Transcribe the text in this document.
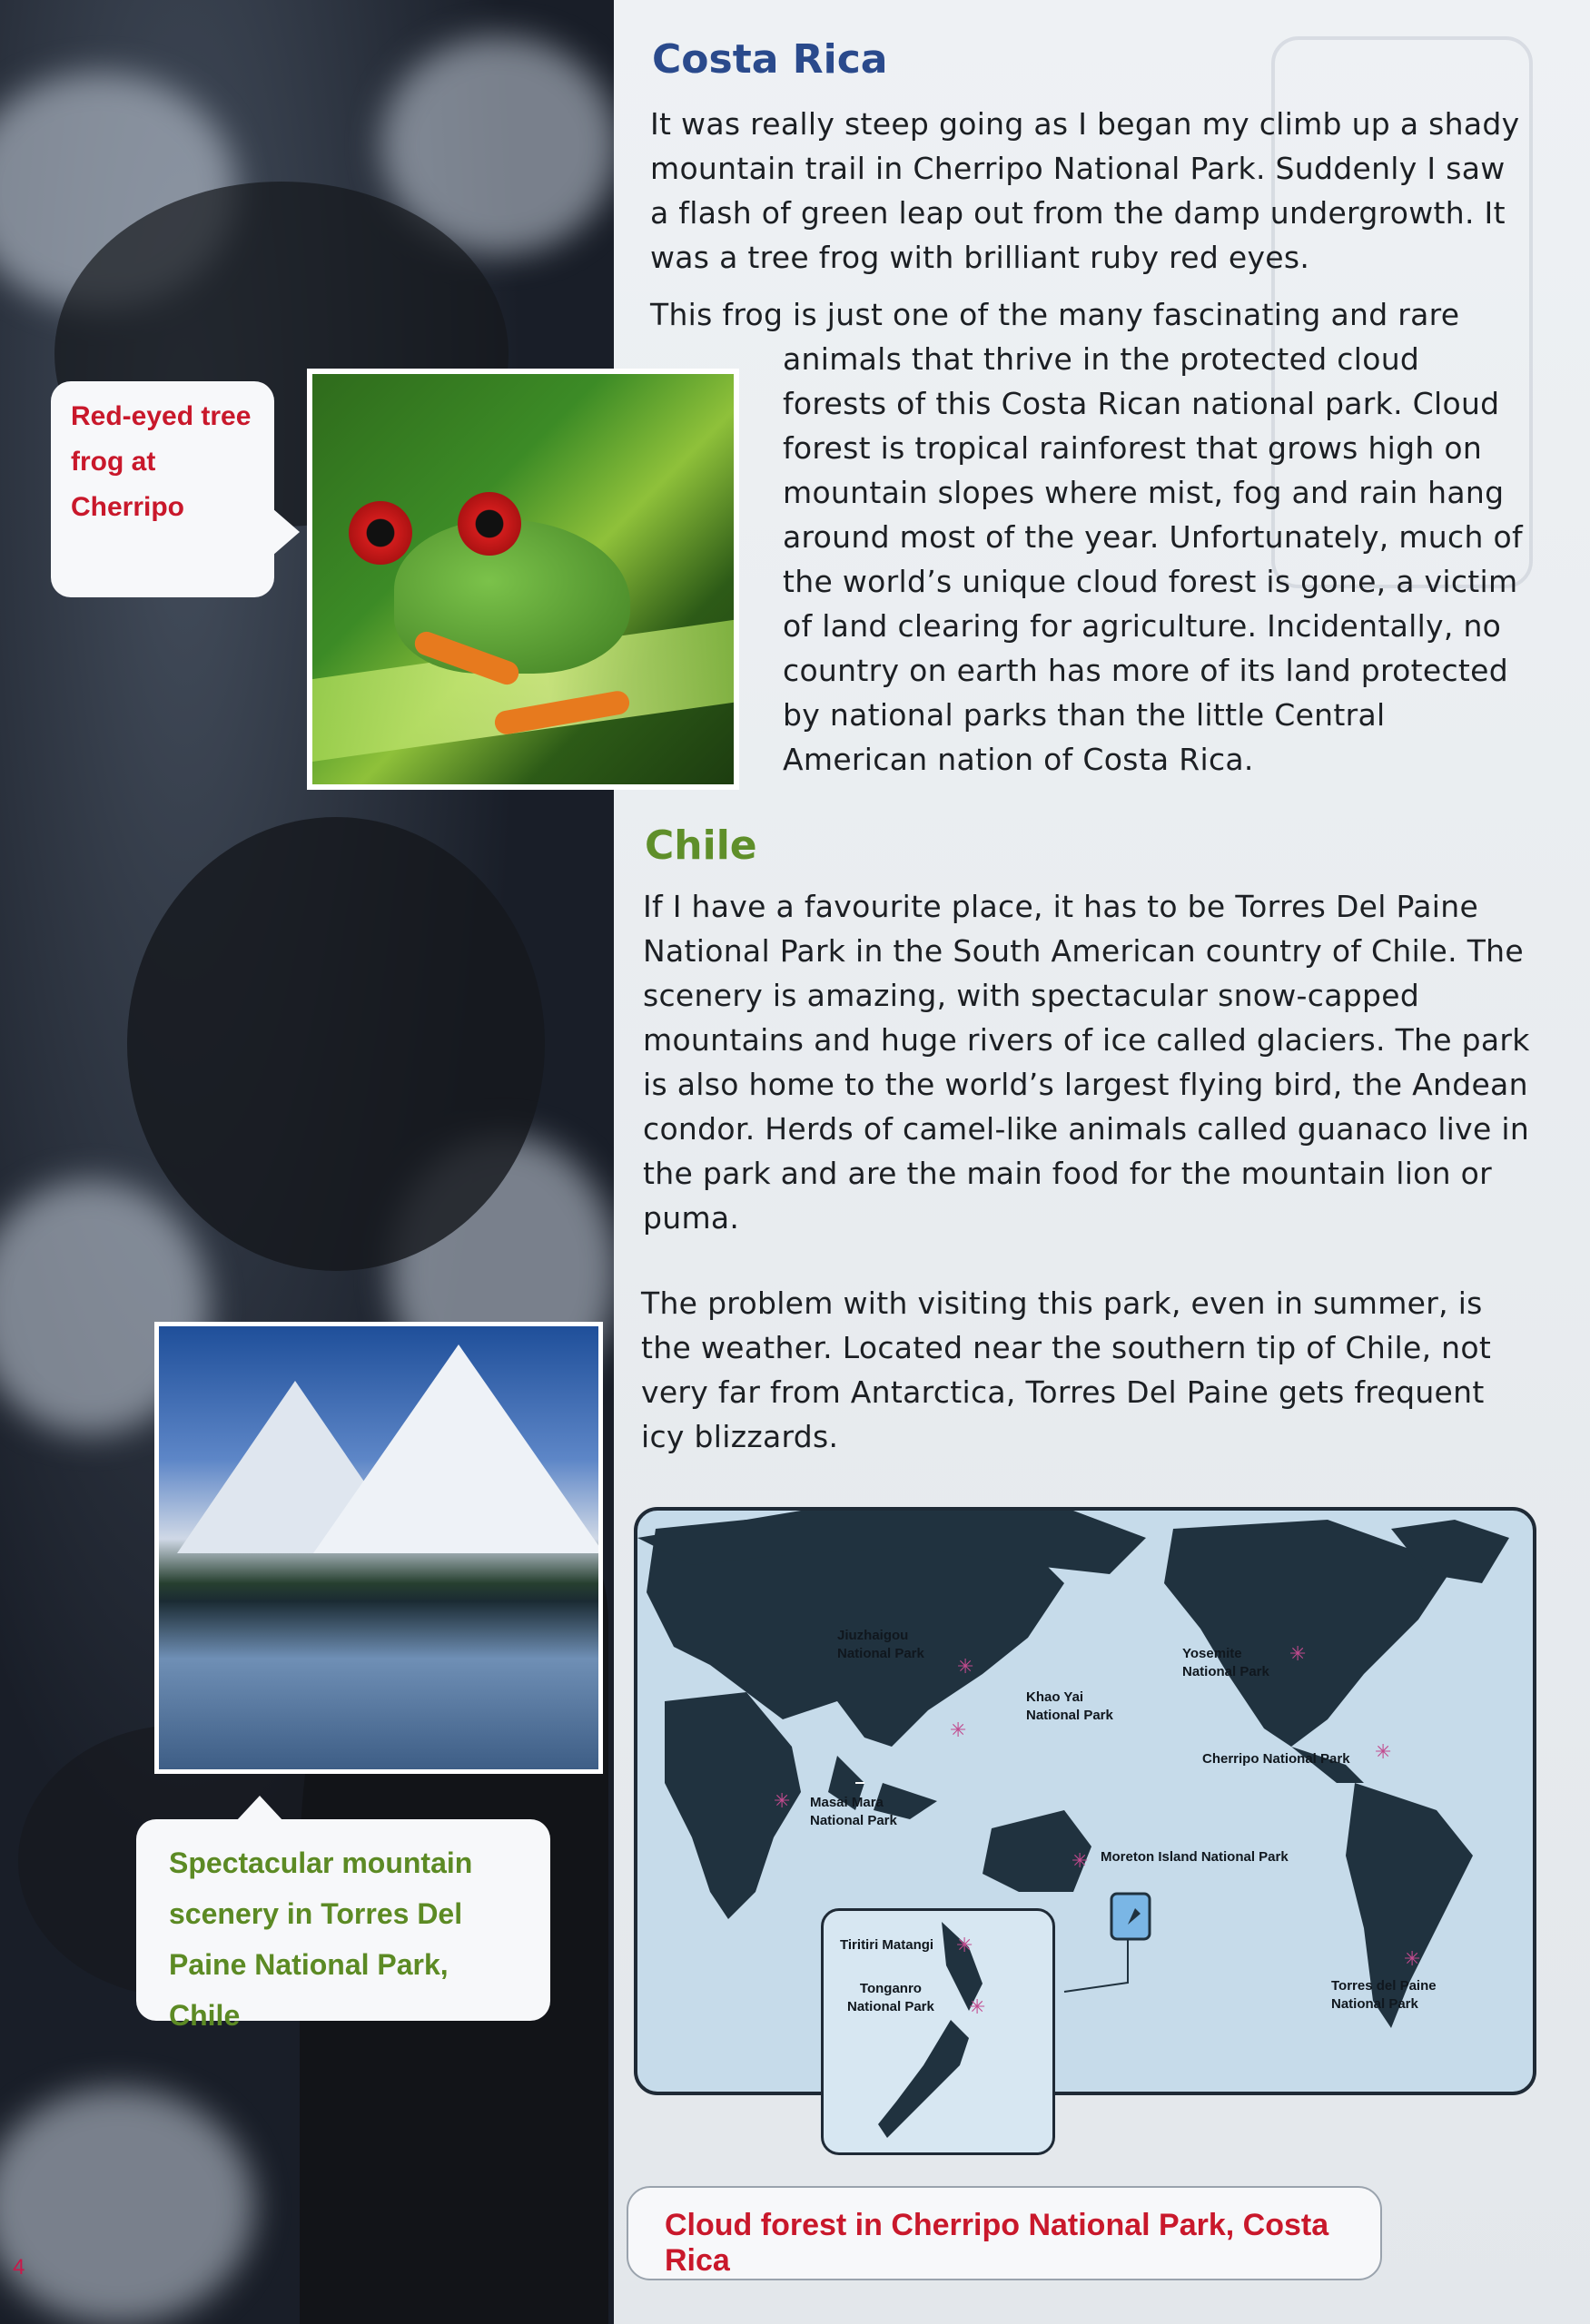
4
Costa Rica

It was really steep going as I began my climb up a shady mountain trail in Cherripo National Park. Suddenly I saw a flash of green leap out from the damp undergrowth. It was a tree frog with brilliant ruby red eyes.

This frog is just one of the many fascinating and rare

animals that thrive in the protected cloud forests of this Costa Rican national park. Cloud forest is tropical rainforest that grows high on mountain slopes where mist, fog and rain hang around most of the year. Unfortunately, much of the world’s unique cloud forest is gone, a victim of land clearing for agriculture. Incidentally, no country on earth has more of its land protected by national parks than the little Central American nation of Costa Rica.

Chile

If I have a favourite place, it has to be Torres Del Paine National Park in the South American country of Chile. The scenery is amazing, with spectacular snow-capped mountains and huge rivers of ice called glaciers. The park is also home to the world’s largest flying bird, the Andean condor. Herds of camel-like animals called guanaco live in the park and are the main food for the mountain lion or puma.

The problem with visiting this park, even in summer, is the weather. Located near the southern tip of Chile, not very far from Antarctica, Torres Del Paine gets frequent icy blizzards.

Red-eyed tree frog at Cherripo
Spectacular mountain scenery in Torres Del Paine National Park, Chile
Jiuzhaigou
National Park
✳
Khao Yai
National Park
✳
Yosemite
National Park
✳
Cherripo National Park ✳
Masai Mara
National Park
✳
Moreton Island National Park
✳
Torres del Paine
National Park
✳
Tiritiri Matangi ✳
Tonganro
National Park ✳
Cloud forest in Cherripo National Park, Costa Rica
